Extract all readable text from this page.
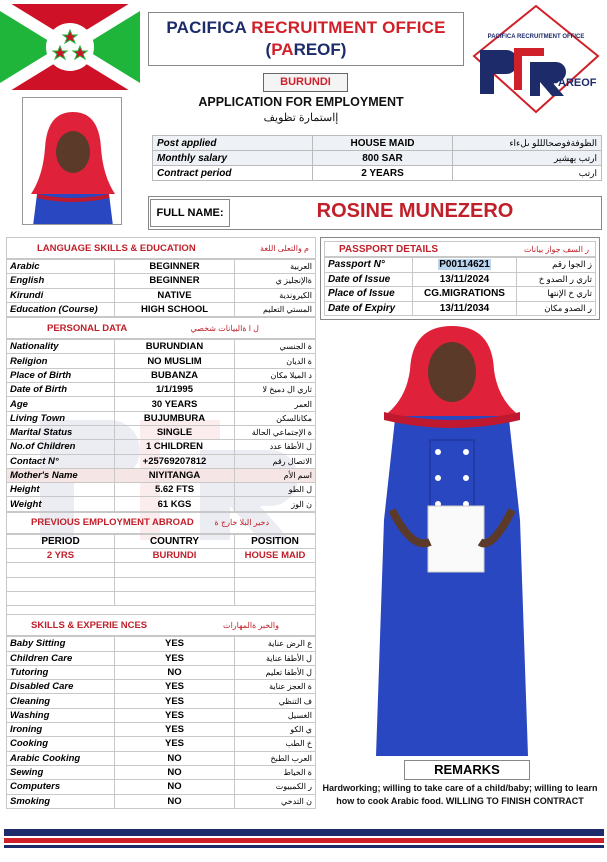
PACIFICA RECRUITMENT OFFICE
(PAREOF)
BURUNDI
APPLICATION FOR EMPLOYMENT
إاستمارة تظويف
PACIFICA RECRUITMENT OFFICE
PAREOF
Post applied	HOUSE MAID	الظوفةفوصحالللو ىلءاء
Monthly salary	800 SAR	ارتب يهشير
Contract period	2 YEARS	ارتب
FULL NAME:	ROSINE MUNEZERO
LANGUAGE SKILLS & EDUCATION	م والتعلى اللغة
Arabic	BEGINNER	العربية
English	BEGINNER	ةالإنجليز ي
Kirundi	NATIVE	الكيروندية
Education (Course)	HIGH SCHOOL	المستي التعليم
PERSONAL DATA	ل ا ةالبيانات شخصي
Nationality	BURUNDIAN	ة الجنسي
Religion	NO MUSLIM	ة الديان
Place of Birth	BUBANZA	د الميلا مكان
Date of Birth	1/1/1995	تاري ال دميخ لا
Age	30 YEARS	العمر
Living Town	BUJUMBURA	مكانالسكن
Marital Status	SINGLE	ة الإجتماعي الحالة
No.of Children	1 CHILDREN	ل الأطفا عدد
Contact N°	+25769207812	الاتصال رقم
Mother's Name	NIYITANGA	اسم الأم
Height	5.62 FTS	ل الطو
Weight	61 KGS	ن الوز
PREVIOUS EMPLOYMENT ABROAD	دخير البلا خارج ة
PERIOD	COUNTRY	POSITION
2 YRS	BURUNDI	HOUSE MAID

SKILLS & EXPERIE NCES	والخبر ةالمهارات
Baby Sitting	YES	ع الرض عناية
Children Care	YES	ل الأطفا عناية
Tutoring	NO	ل الأطفا تعليم
Disabled Care	YES	ة العجز عناية
Cleaning	YES	ف التنظي
Washing	YES	الغسيل
Ironing	YES	ي الكو
Cooking	YES	خ الطب
Arabic Cooking	NO	العرب الطبخ
Sewing	NO	ة الخياط
Computers	NO	ر الكمبيوت
Smoking	NO	ن التدخي
PASSPORT DETAILS	ر السف جواز بيانات
Passport N°	P00114621	ز الجوا رقم
Date of Issue	13/11/2024	تاري ر الصدو خ
Place of Issue	CG.MIGRATIONS	تاري خ الإنتها
Date of Expiry	13/11/2034	ر الصدو مكان
REMARKS
Hardworking; willing to take care of a child/baby; willing to learn how to cook Arabic food. WILLING TO FINISH CONTRACT
